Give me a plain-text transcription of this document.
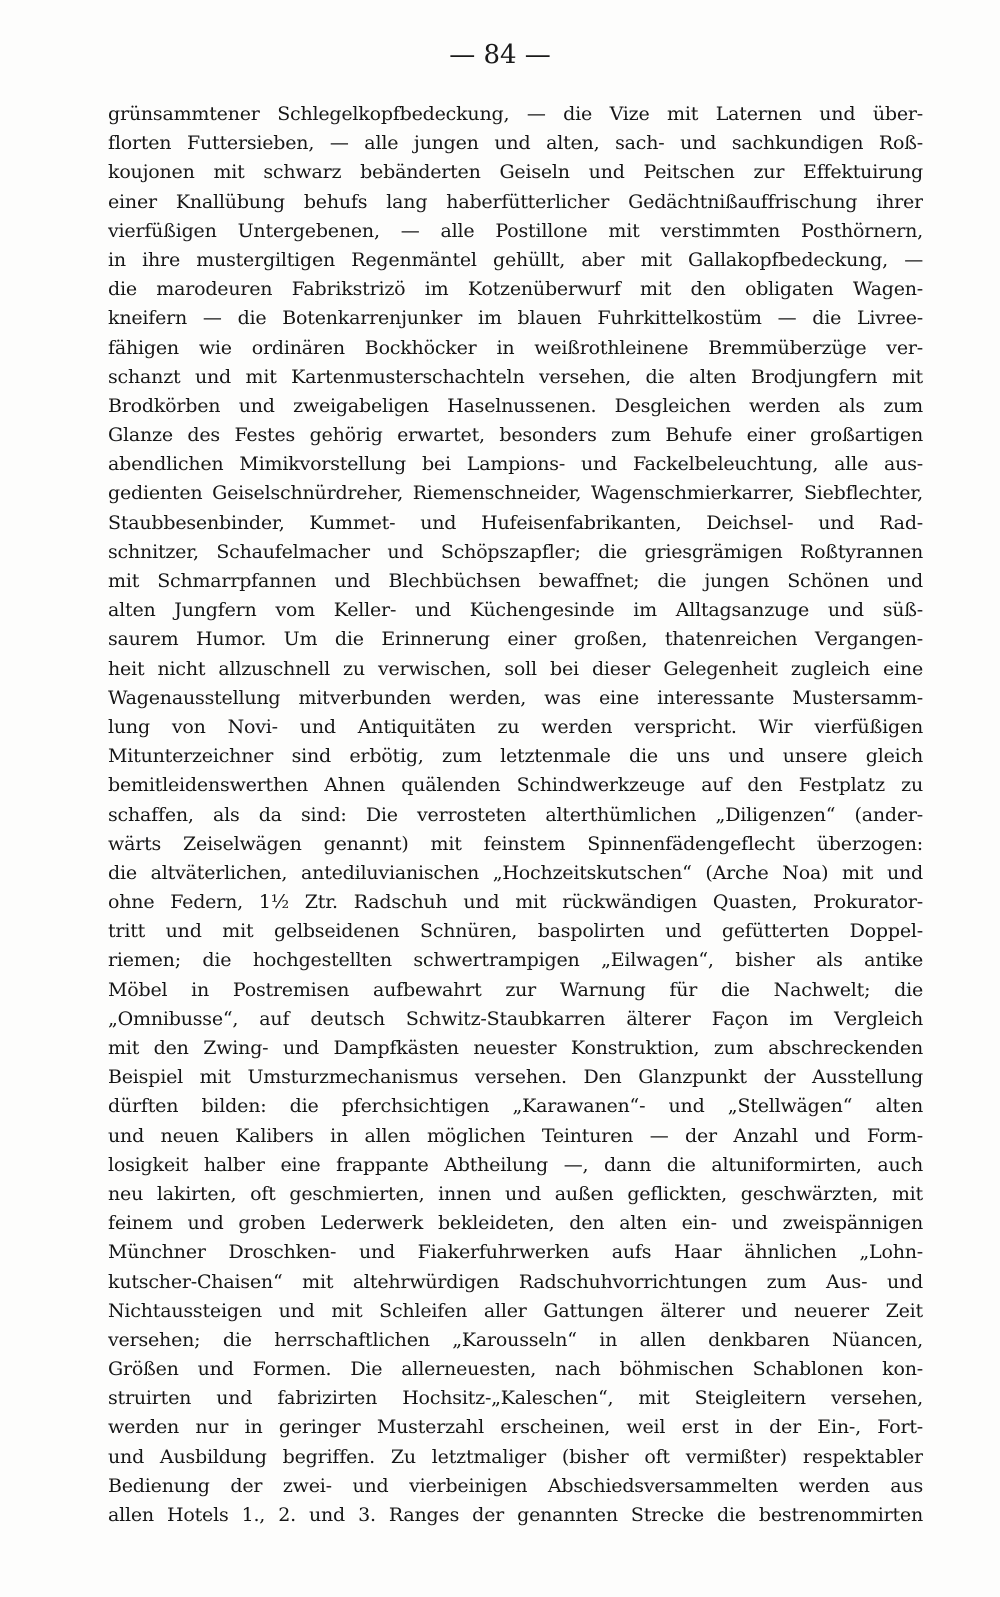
— 84 —
grünsammtener Schlegelkopfbedeckung, — die Vize mit Laternen und über-
florten Futtersieben, — alle jungen und alten, sach- und sachkundigen Roß-
koujonen mit schwarz bebänderten Geiseln und Peitschen zur Effektuirung
einer Knallübung behufs lang haberfütterlicher Gedächtnißauffrischung ihrer
vierfüßigen Untergebenen, — alle Postillone mit verstimmten Posthörnern,
in ihre mustergiltigen Regenmäntel gehüllt, aber mit Gallakopfbedeckung, —
die marodeuren Fabrikstrizö im Kotzenüberwurf mit den obligaten Wagen-
kneifern — die Botenkarrenjunker im blauen Fuhrkittelkostüm — die Livree-
fähigen wie ordinären Bockhöcker in weißrothleinene Bremmüberzüge ver-
schanzt und mit Kartenmusterschachteln versehen, die alten Brodjungfern mit
Brodkörben und zweigabeligen Haselnussenen. Desgleichen werden als zum
Glanze des Festes gehörig erwartet, besonders zum Behufe einer großartigen
abendlichen Mimikvorstellung bei Lampions- und Fackelbeleuchtung, alle aus-
gedienten Geiselschnürdreher, Riemenschneider, Wagenschmierkarrer, Siebflechter,
Staubbesenbinder, Kummet- und Hufeisenfabrikanten, Deichsel- und Rad-
schnitzer, Schaufelmacher und Schöpszapfler; die griesgrämigen Roßtyrannen
mit Schmarrpfannen und Blechbüchsen bewaffnet; die jungen Schönen und
alten Jungfern vom Keller- und Küchengesinde im Alltagsanzuge und süß-
saurem Humor. Um die Erinnerung einer großen, thatenreichen Vergangen-
heit nicht allzuschnell zu verwischen, soll bei dieser Gelegenheit zugleich eine
Wagenausstellung mitverbunden werden, was eine interessante Mustersamm-
lung von Novi- und Antiquitäten zu werden verspricht. Wir vierfüßigen
Mitunterzeichner sind erbötig, zum letztenmale die uns und unsere gleich
bemitleidenswerthen Ahnen quälenden Schindwerkzeuge auf den Festplatz zu
schaffen, als da sind: Die verrosteten alterthümlichen „Diligenzen“ (ander-
wärts Zeiselwägen genannt) mit feinstem Spinnenfädengeflecht überzogen:
die altväterlichen, antediluvianischen „Hochzeitskutschen“ (Arche Noa) mit und
ohne Federn, 1½ Ztr. Radschuh und mit rückwändigen Quasten, Prokurator-
tritt und mit gelbseidenen Schnüren, baspolirten und gefütterten Doppel-
riemen; die hochgestellten schwertrampigen „Eilwagen“, bisher als antike
Möbel in Postremisen aufbewahrt zur Warnung für die Nachwelt; die
„Omnibusse“, auf deutsch Schwitz-Staubkarren älterer Façon im Vergleich
mit den Zwing- und Dampfkästen neuester Konstruktion, zum abschreckenden
Beispiel mit Umsturzmechanismus versehen. Den Glanzpunkt der Ausstellung
dürften bilden: die pferchsichtigen „Karawanen“- und „Stellwägen“ alten
und neuen Kalibers in allen möglichen Teinturen — der Anzahl und Form-
losigkeit halber eine frappante Abtheilung —, dann die altuniformirten, auch
neu lakirten, oft geschmierten, innen und außen geflickten, geschwärzten, mit
feinem und groben Lederwerk bekleideten, den alten ein- und zweispännigen
Münchner Droschken- und Fiakerfuhrwerken aufs Haar ähnlichen „Lohn-
kutscher-Chaisen“ mit altehrwürdigen Radschuhvorrichtungen zum Aus- und
Nichtaussteigen und mit Schleifen aller Gattungen älterer und neuerer Zeit
versehen; die herrschaftlichen „Karousseln“ in allen denkbaren Nüancen,
Größen und Formen. Die allerneuesten, nach böhmischen Schablonen kon-
struirten und fabrizirten Hochsitz-„Kaleschen“, mit Steigleitern versehen,
werden nur in geringer Musterzahl erscheinen, weil erst in der Ein-, Fort-
und Ausbildung begriffen. Zu letztmaliger (bisher oft vermißter) respektabler
Bedienung der zwei- und vierbeinigen Abschiedsversammelten werden aus
allen Hotels 1., 2. und 3. Ranges der genannten Strecke die bestrenommirten
